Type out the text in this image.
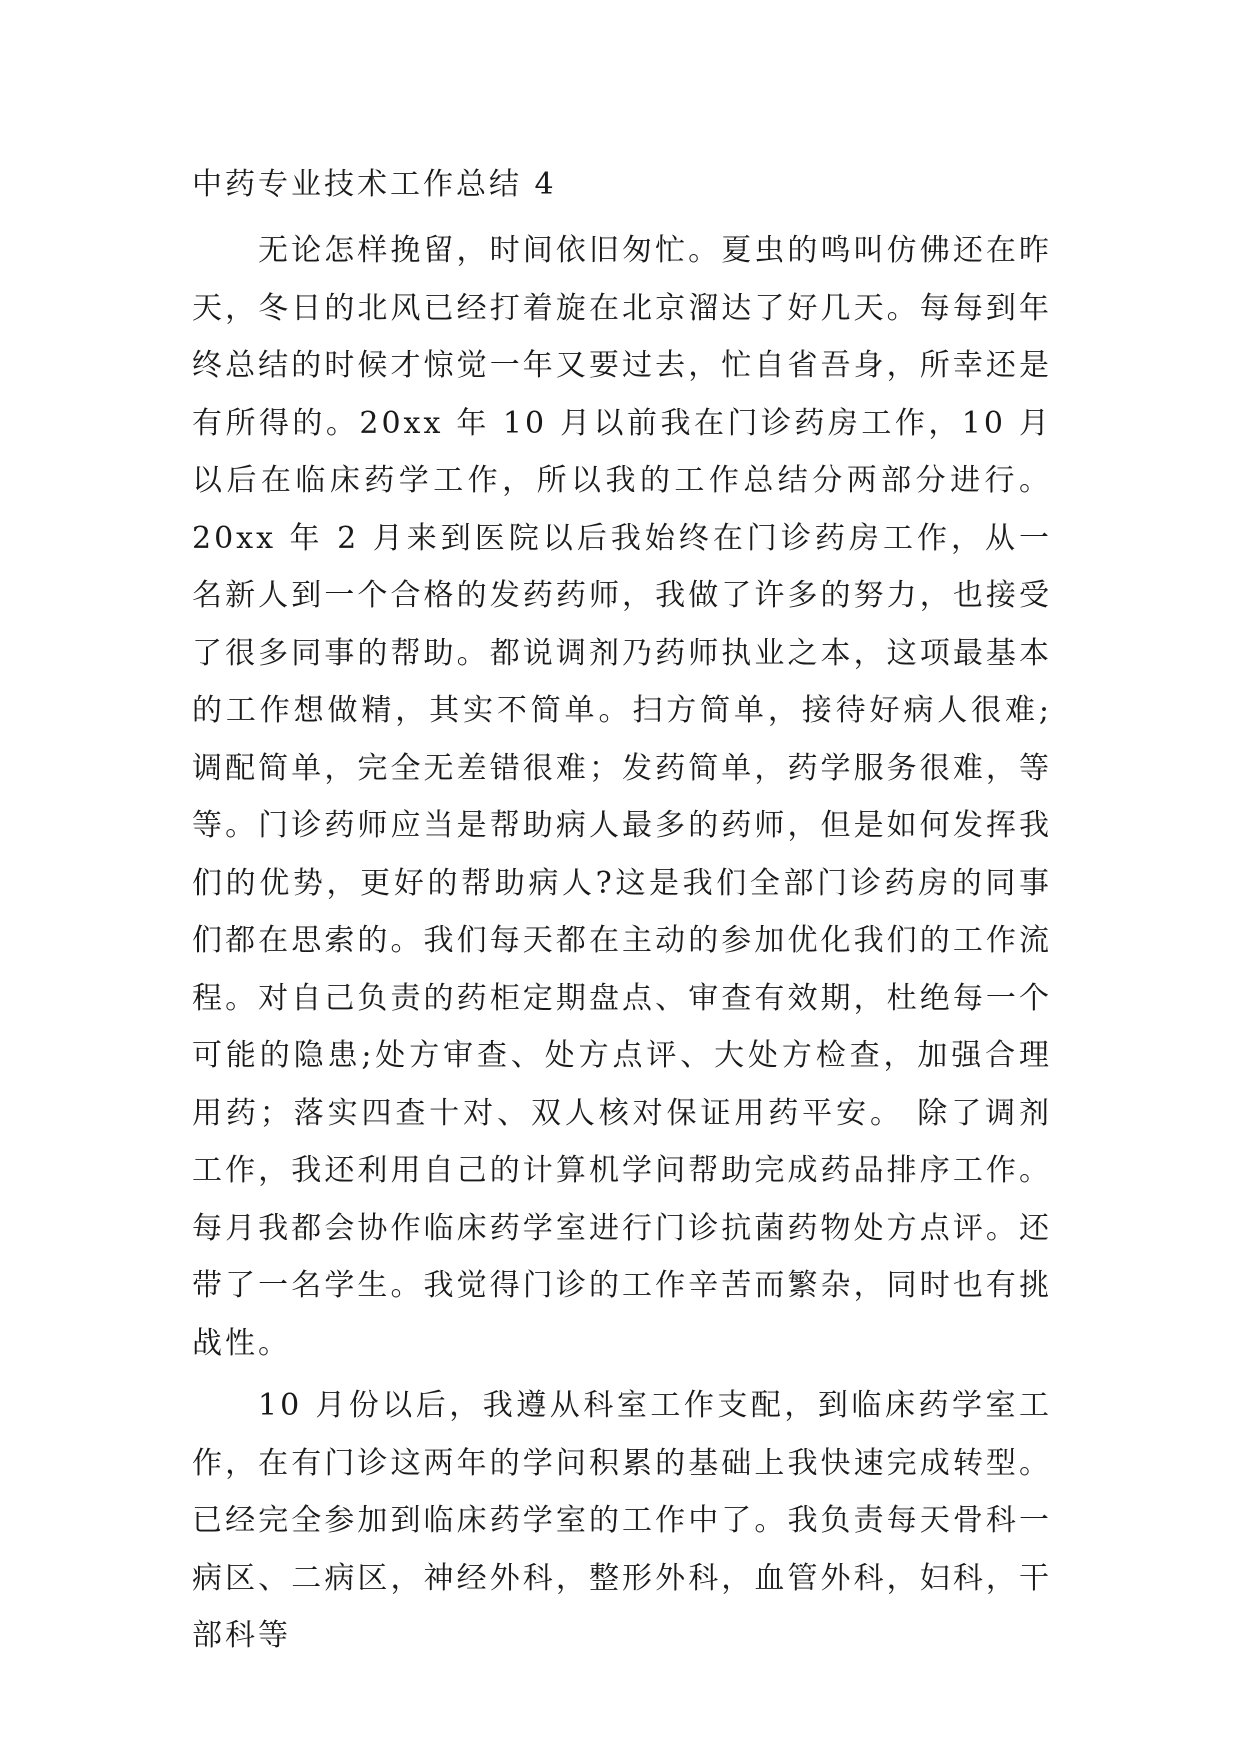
中药专业技术工作总结 4

无论怎样挽留，时间依旧匆忙。夏虫的鸣叫仿佛还在昨天，冬日的北风已经打着旋在北京溜达了好几天。每每到年终总结的时候才惊觉一年又要过去，忙自省吾身，所幸还是有所得的。20xx 年 10 月以前我在门诊药房工作，10 月以后在临床药学工作，所以我的工作总结分两部分进行。 20xx 年 2 月来到医院以后我始终在门诊药房工作，从一名新人到一个合格的发药药师，我做了许多的努力，也接受了很多同事的帮助。都说调剂乃药师执业之本，这项最基本的工作想做精，其实不简单。扫方简单，接待好病人很难;调配简单，完全无差错很难；发药简单，药学服务很难，等等。门诊药师应当是帮助病人最多的药师，但是如何发挥我们的优势，更好的帮助病人?这是我们全部门诊药房的同事们都在思索的。我们每天都在主动的参加优化我们的工作流程。对自己负责的药柜定期盘点、审查有效期，杜绝每一个可能的隐患;处方审查、处方点评、大处方检查，加强合理用药；落实四查十对、双人核对保证用药平安。 除了调剂工作，我还利用自己的计算机学问帮助完成药品排序工作。每月我都会协作临床药学室进行门诊抗菌药物处方点评。还带了一名学生。我觉得门诊的工作辛苦而繁杂，同时也有挑战性。

10 月份以后，我遵从科室工作支配，到临床药学室工作，在有门诊这两年的学问积累的基础上我快速完成转型。已经完全参加到临床药学室的工作中了。我负责每天骨科一病区、二病区，神经外科，整形外科，血管外科，妇科，干部科等
